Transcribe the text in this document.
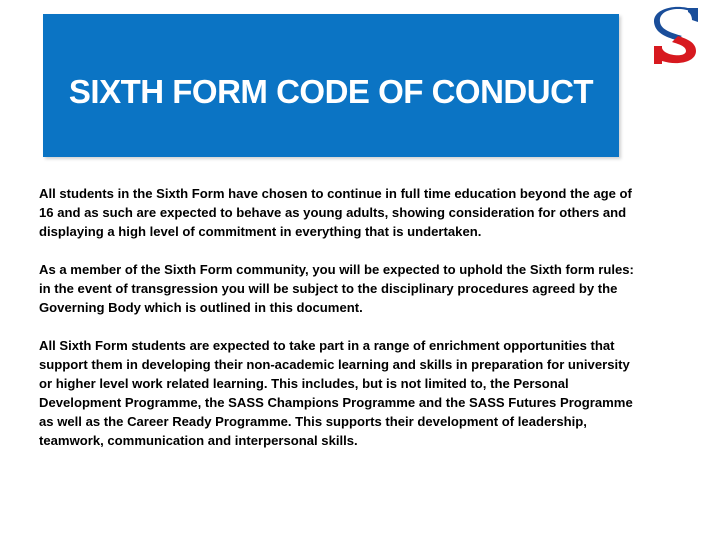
SIXTH FORM CODE OF CONDUCT

All students in the Sixth Form have chosen to continue in full time education beyond the age of 16 and as such are expected to behave as young adults, showing consideration for others and displaying a high level of commitment in everything that is undertaken.

As a member of the Sixth Form community, you will be expected to uphold the Sixth form rules: in the event of transgression you will be subject to the disciplinary procedures agreed by the Governing Body which is outlined in this document.

All Sixth Form students are expected to take part in a range of enrichment opportunities that support them in developing their non-academic learning and skills in preparation for university or higher level work related learning. This includes, but is not limited to, the Personal Development Programme, the SASS Champions Programme and the SASS Futures Programme as well as the Career Ready Programme. This supports their development of leadership, teamwork, communication and interpersonal skills.
